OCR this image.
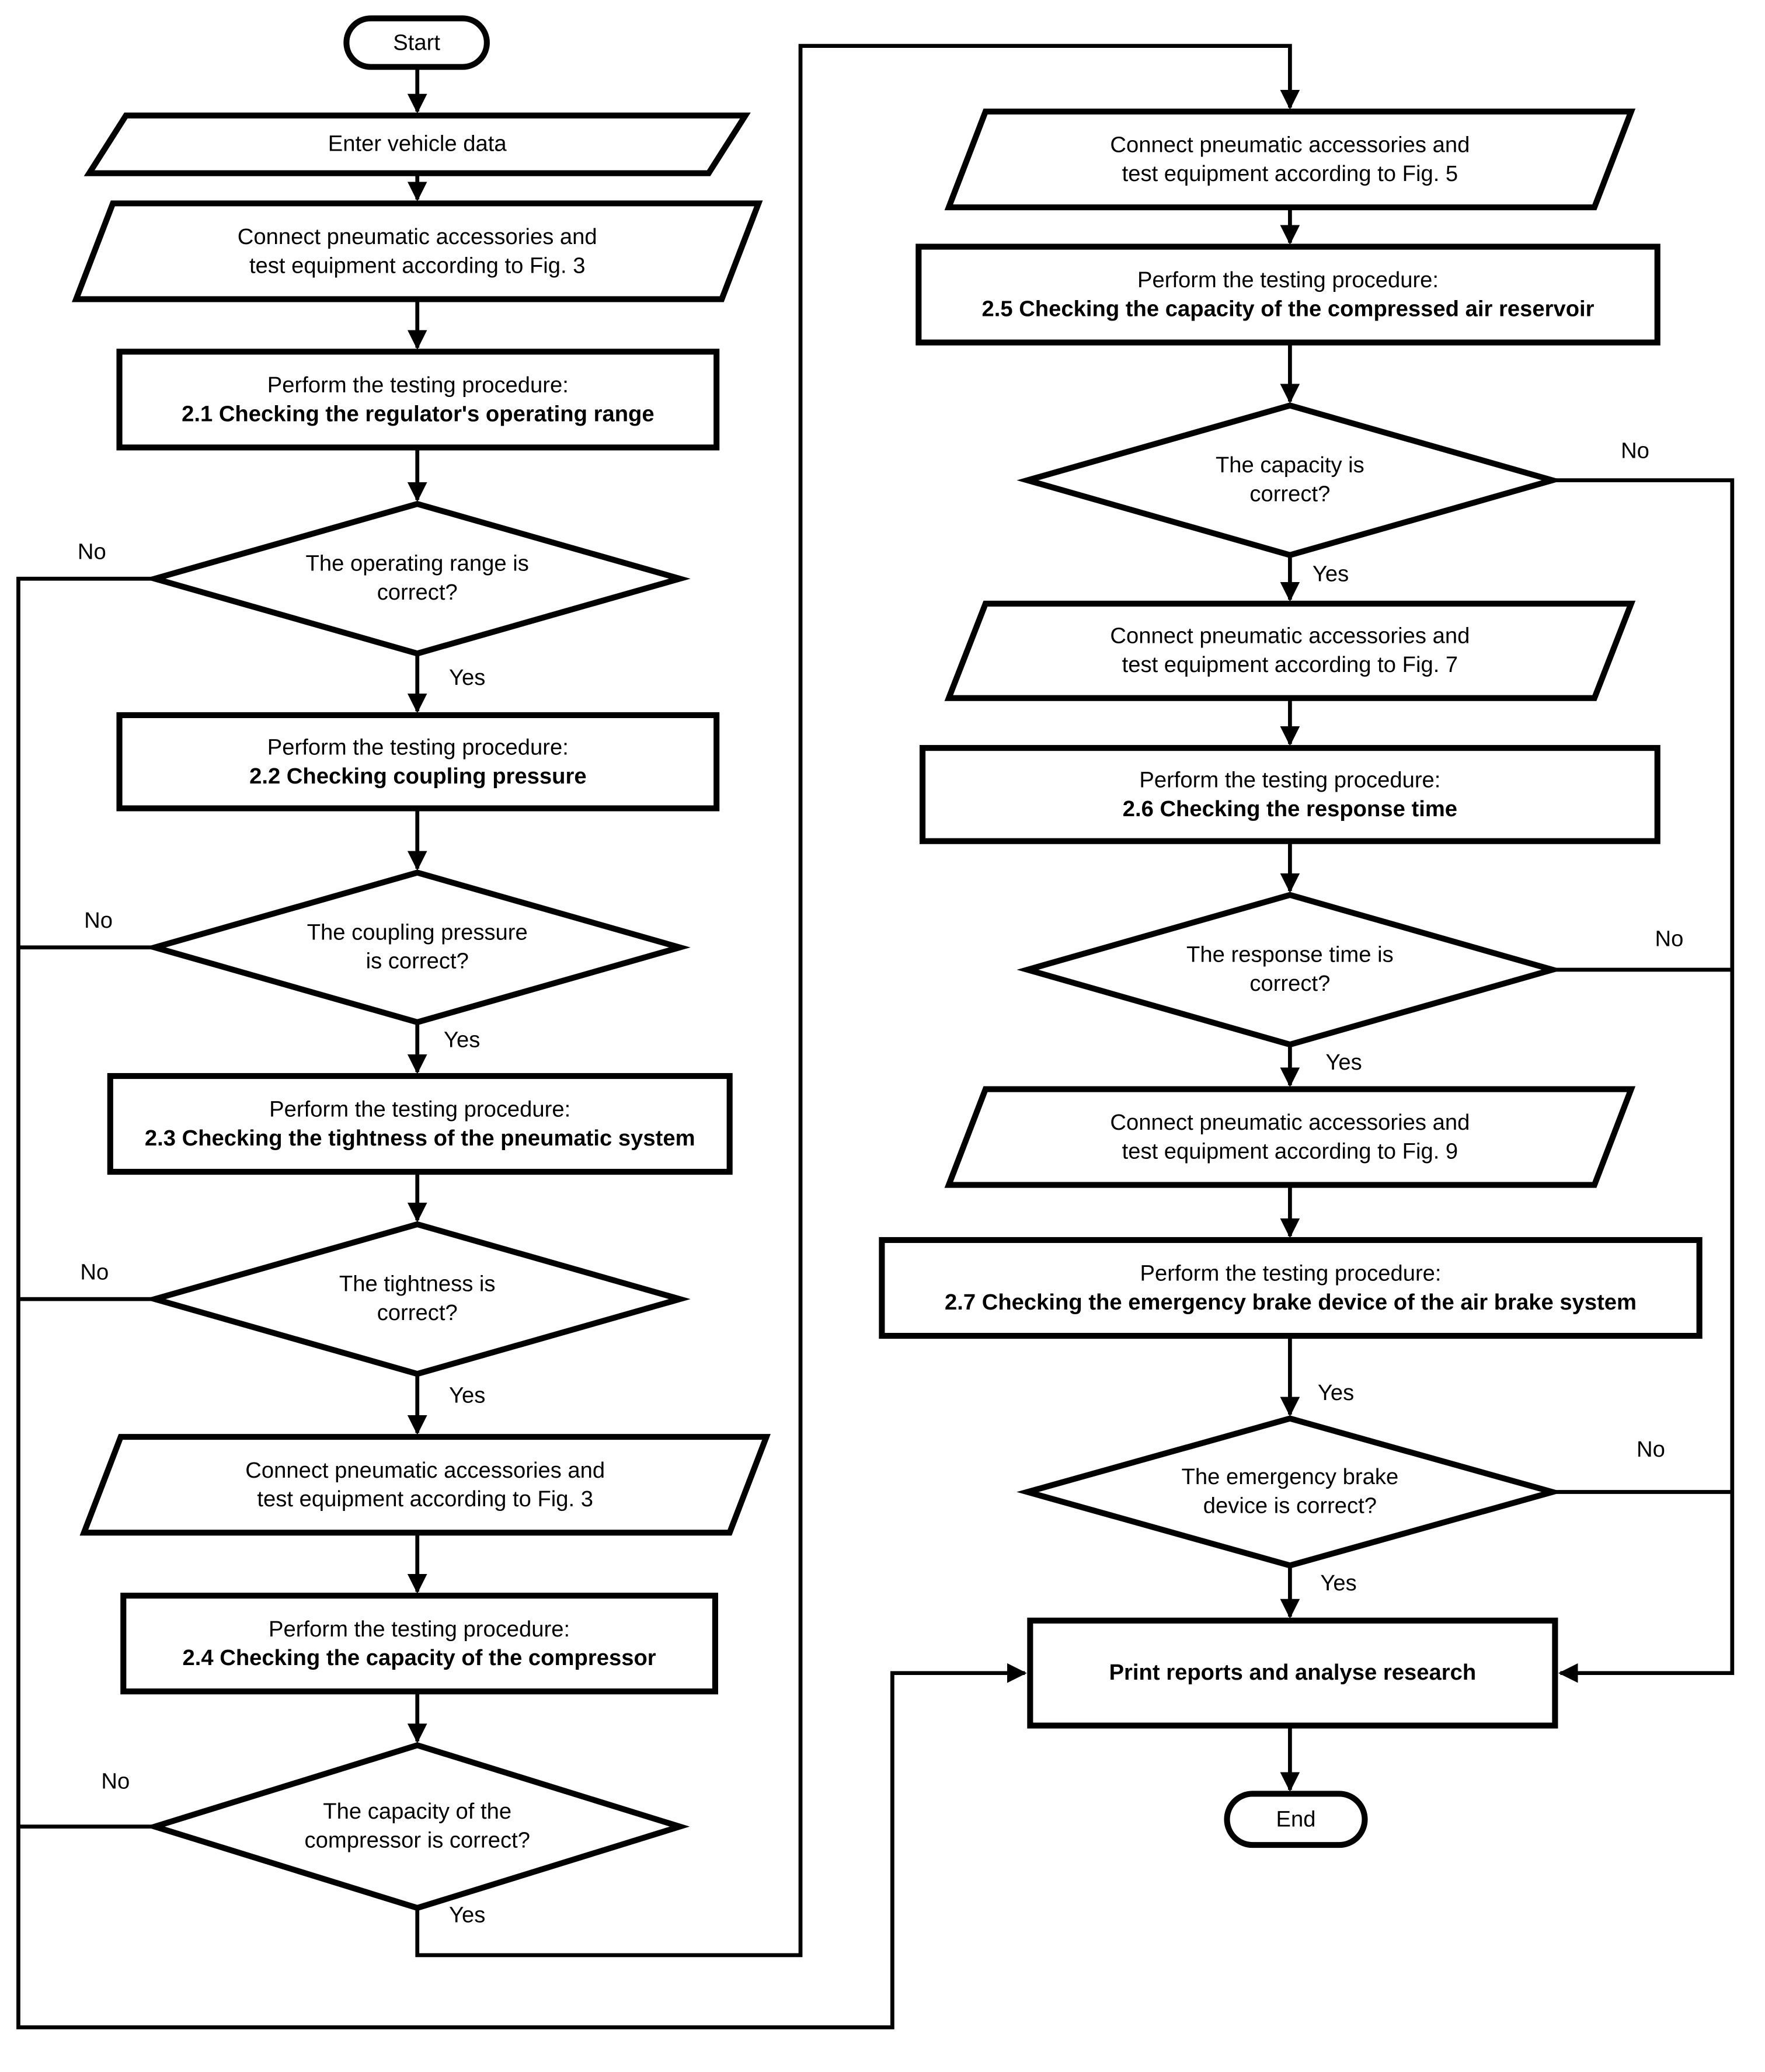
Start
Enter vehicle data
Connect pneumatic accessories and
test equipment according to Fig. 3
Perform the testing procedure:
2.1 Checking the regulator's operating range
The operating range is
correct?
Perform the testing procedure:
2.2 Checking coupling pressure
The coupling pressure
is correct?
Perform the testing procedure:
2.3 Checking the tightness of the pneumatic system
The tightness is
correct?
Connect pneumatic accessories and
test equipment according to Fig. 3
Perform the testing procedure:
2.4 Checking the capacity of the compressor
The capacity of the
compressor is correct?
Connect pneumatic accessories and
test equipment according to Fig. 5
Perform the testing procedure:
2.5 Checking the capacity of the compressed air reservoir
The capacity is
correct?
Connect pneumatic accessories and
test equipment according to Fig. 7
Perform the testing procedure:
2.6 Checking the response time
The response time is
correct?
Connect pneumatic accessories and
test equipment according to Fig. 9
Perform the testing procedure:
2.7 Checking the emergency brake device of the air brake system
The emergency brake
device is correct?
Print reports and analyse research
End
No
Yes
No
Yes
No
Yes
No
Yes
No
Yes
No
Yes
Yes
No
Yes
